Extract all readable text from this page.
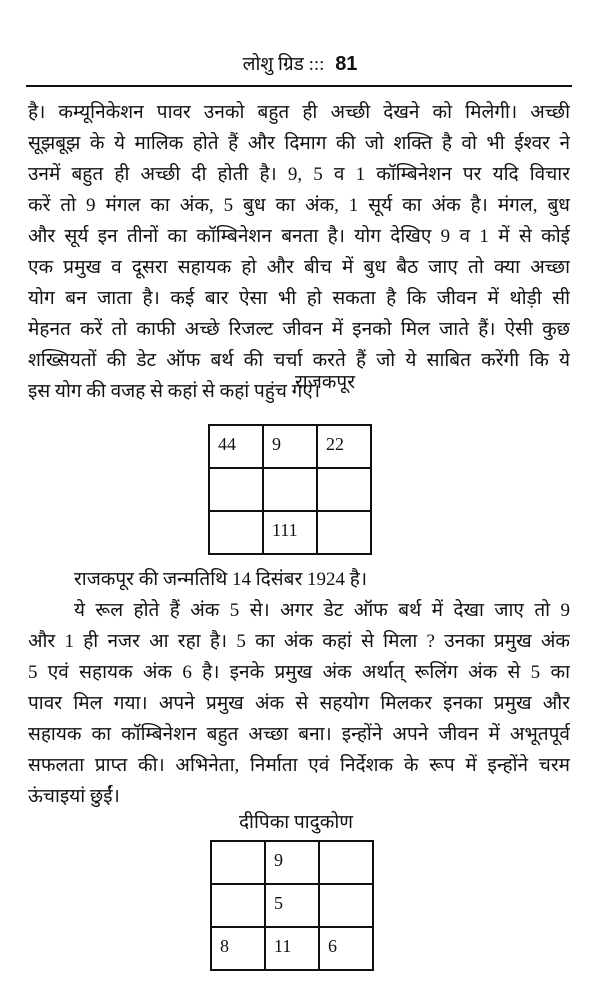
लोशु ग्रिड ::: 81
है। कम्यूनिकेशन पावर उनको बहुत ही अच्छी देखने को मिलेगी। अच्छी
सूझबूझ के ये मालिक होते हैं और दिमाग की जो शक्ति है वो भी ईश्वर ने
उनमें बहुत ही अच्छी दी होती है। 9, 5 व 1 कॉम्बिनेशन पर यदि विचार
करें तो 9 मंगल का अंक, 5 बुध का अंक, 1 सूर्य का अंक है। मंगल, बुध
और सूर्य इन तीनों का कॉम्बिनेशन बनता है। योग देखिए 9 व 1 में से कोई
एक प्रमुख व दूसरा सहायक हो और बीच में बुध बैठ जाए तो क्या अच्छा
योग बन जाता है। कई बार ऐसा भी हो सकता है कि जीवन में थोड़ी सी
मेहनत करें तो काफी अच्छे रिजल्ट जीवन में इनको मिल जाते हैं। ऐसी कुछ
शख्सियतों की डेट ऑफ बर्थ की चर्चा करते हैं जो ये साबित करेंगी कि ये
इस योग की वजह से कहां से कहां पहुंच गए।
राजकपूर
44	9	22

	111	
राजकपूर की जन्मतिथि 14 दिसंबर 1924 है।
ये रूल होते हैं अंक 5 से। अगर डेट ऑफ बर्थ में देखा जाए तो 9
और 1 ही नजर आ रहा है। 5 का अंक कहां से मिला ? उनका प्रमुख अंक
5 एवं सहायक अंक 6 है। इनके प्रमुख अंक अर्थात् रूलिंग अंक से 5 का
पावर मिल गया। अपने प्रमुख अंक से सहयोग मिलकर इनका प्रमुख और
सहायक का कॉम्बिनेशन बहुत अच्छा बना। इन्होंने अपने जीवन में अभूतपूर्व
सफलता प्राप्त की। अभिनेता, निर्माता एवं निर्देशक के रूप में इन्होंने चरम
ऊंचाइयां छुईं।
दीपिका पादुकोण
	9	
	5	
8	11	6
